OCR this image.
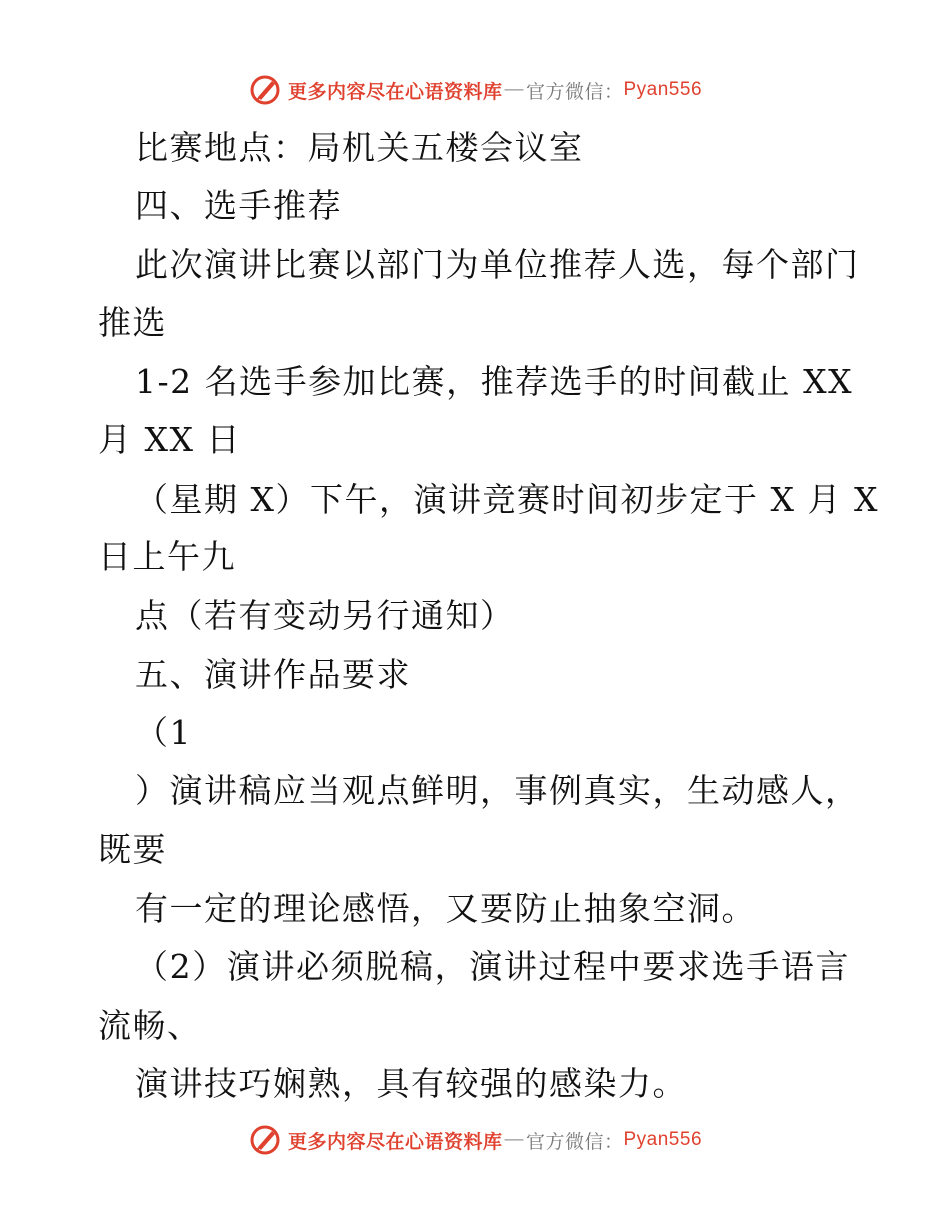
更多内容尽在心语资料库 — 官方微信： Pyan556
比赛地点：局机关五楼会议室
四、选手推荐
此次演讲比赛以部门为单位推荐人选，每个部门
推选
1-2 名选手参加比赛，推荐选手的时间截止 XX
月 XX 日
（星期 X）下午，演讲竞赛时间初步定于 X 月 X
日上午九
点（若有变动另行通知）
五、演讲作品要求
（1
）演讲稿应当观点鲜明，事例真实，生动感人，
既要
有一定的理论感悟，又要防止抽象空洞。
（2）演讲必须脱稿，演讲过程中要求选手语言
流畅、
演讲技巧娴熟，具有较强的感染力。
更多内容尽在心语资料库 — 官方微信： Pyan556
